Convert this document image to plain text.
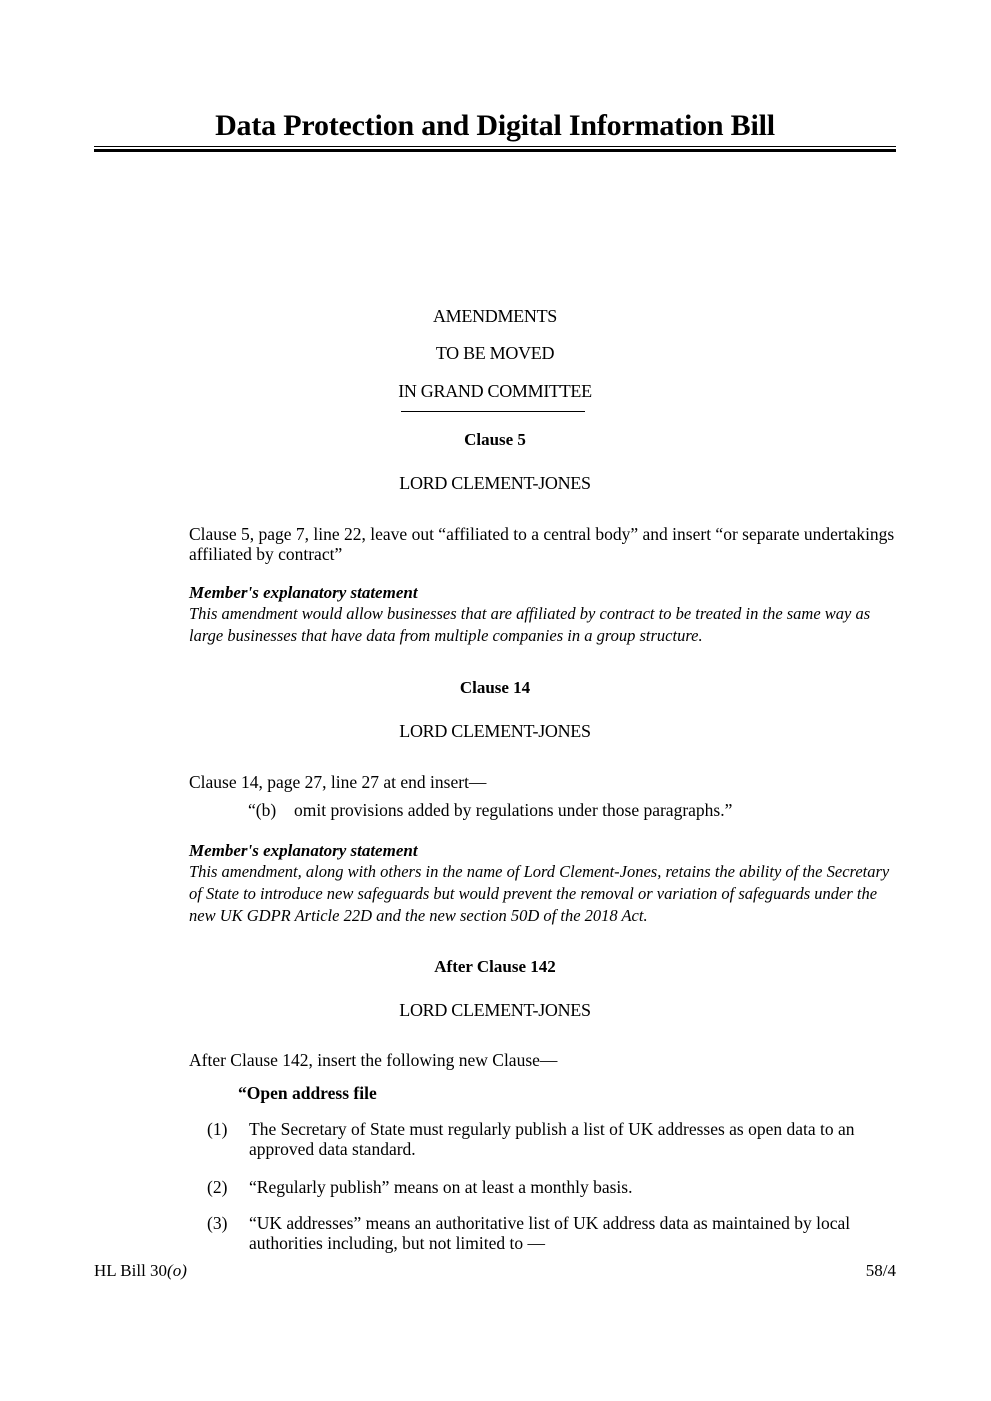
Data Protection and Digital Information Bill
AMENDMENTS
TO BE MOVED
IN GRAND COMMITTEE
Clause 5
LORD CLEMENT-JONES
Clause 5, page 7, line 22, leave out “affiliated to a central body” and insert “or separate undertakings affiliated by contract”
Member's explanatory statement
This amendment would allow businesses that are affiliated by contract to be treated in the same way as large businesses that have data from multiple companies in a group structure.
Clause 14
LORD CLEMENT-JONES
Clause 14, page 27, line 27 at end insert—
“(b) omit provisions added by regulations under those paragraphs.”
Member's explanatory statement
This amendment, along with others in the name of Lord Clement-Jones, retains the ability of the Secretary of State to introduce new safeguards but would prevent the removal or variation of safeguards under the new UK GDPR Article 22D and the new section 50D of the 2018 Act.
After Clause 142
LORD CLEMENT-JONES
After Clause 142, insert the following new Clause—
“Open address file
(1) The Secretary of State must regularly publish a list of UK addresses as open data to an approved data standard.
(2) “Regularly publish” means on at least a monthly basis.
(3) “UK addresses” means an authoritative list of UK address data as maintained by local authorities including, but not limited to —
HL Bill 30(o)	58/4
